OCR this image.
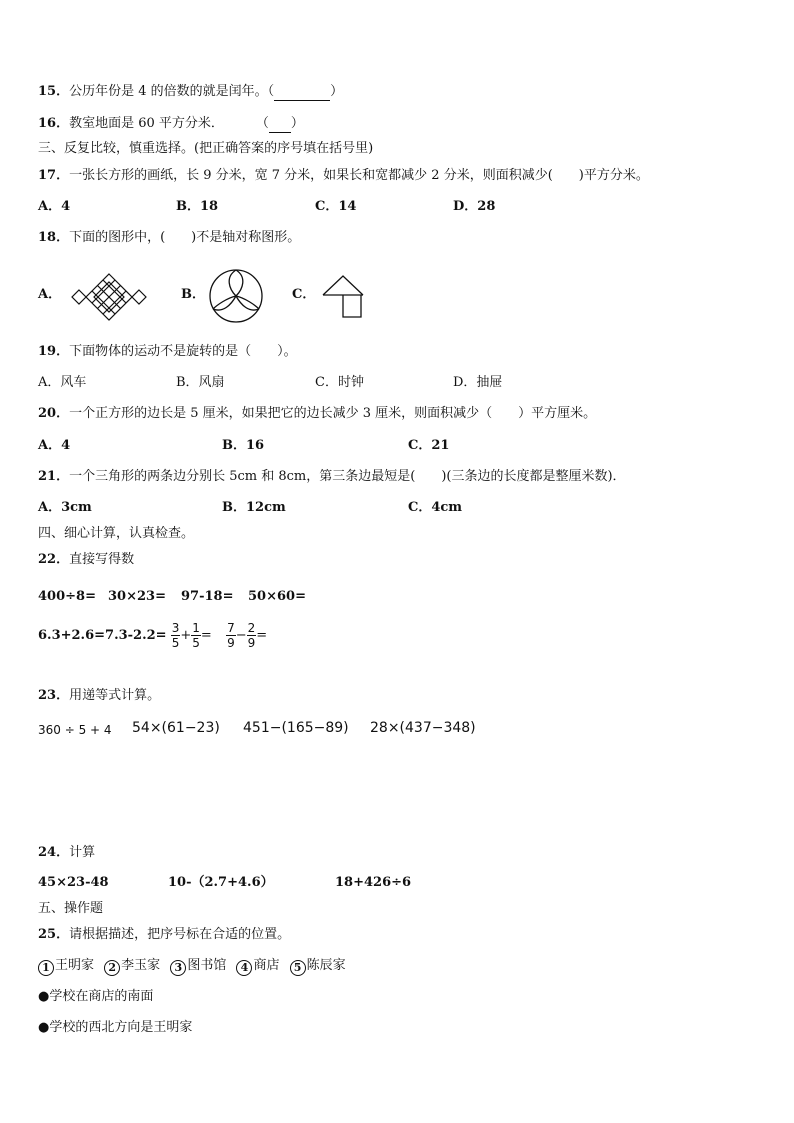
15．公历年份是 4 的倍数的就是闰年。（	）
16．教室地面是 60 平方分米． （ ）
三、反复比较，慎重选择。(把正确答案的序号填在括号里)
17．一张长方形的画纸，长 9 分米，宽 7 分米，如果长和宽都减少 2 分米，则面积减少(　　)平方分米。
A．4	B．18	C．14	D．28
18．下面的图形中，(　　)不是轴对称图形。
A．	B．	C．
19．下面物体的运动不是旋转的是（　　）。
A．风车	B．风扇	C．时钟	D．抽屉
20．一个正方形的边长是 5 厘米，如果把它的边长减少 3 厘米，则面积减少（　　）平方厘米。
A．4	B．16	C．21
21．一个三角形的两条边分别长 5cm 和 8cm，第三条边最短是(　　)(三条边的长度都是整厘米数)．
A．3cm	B．12cm	C．4cm
四、细心计算，认真检查。
22．直接写得数
400÷8= 30×23= 97-18= 50×60=
$6.3+2.6=7.3-2.2= \frac{3}{5} + \frac{1}{5} = \frac{7}{9} - \frac{2}{9}$ =
23．用递等式计算。
360 ÷ 5 + 4 54×(61−23) 451−(165−89) 28×(437−348)
24．计算
45×23-48	10-（2.7+4.6）	18+426÷6
五、操作题
25．请根据描述，把序号标在合适的位置。
1 王明家 2 李玉家 3 图书馆 4 商店 5 陈辰家
●学校在商店的南面
●学校的西北方向是王明家
